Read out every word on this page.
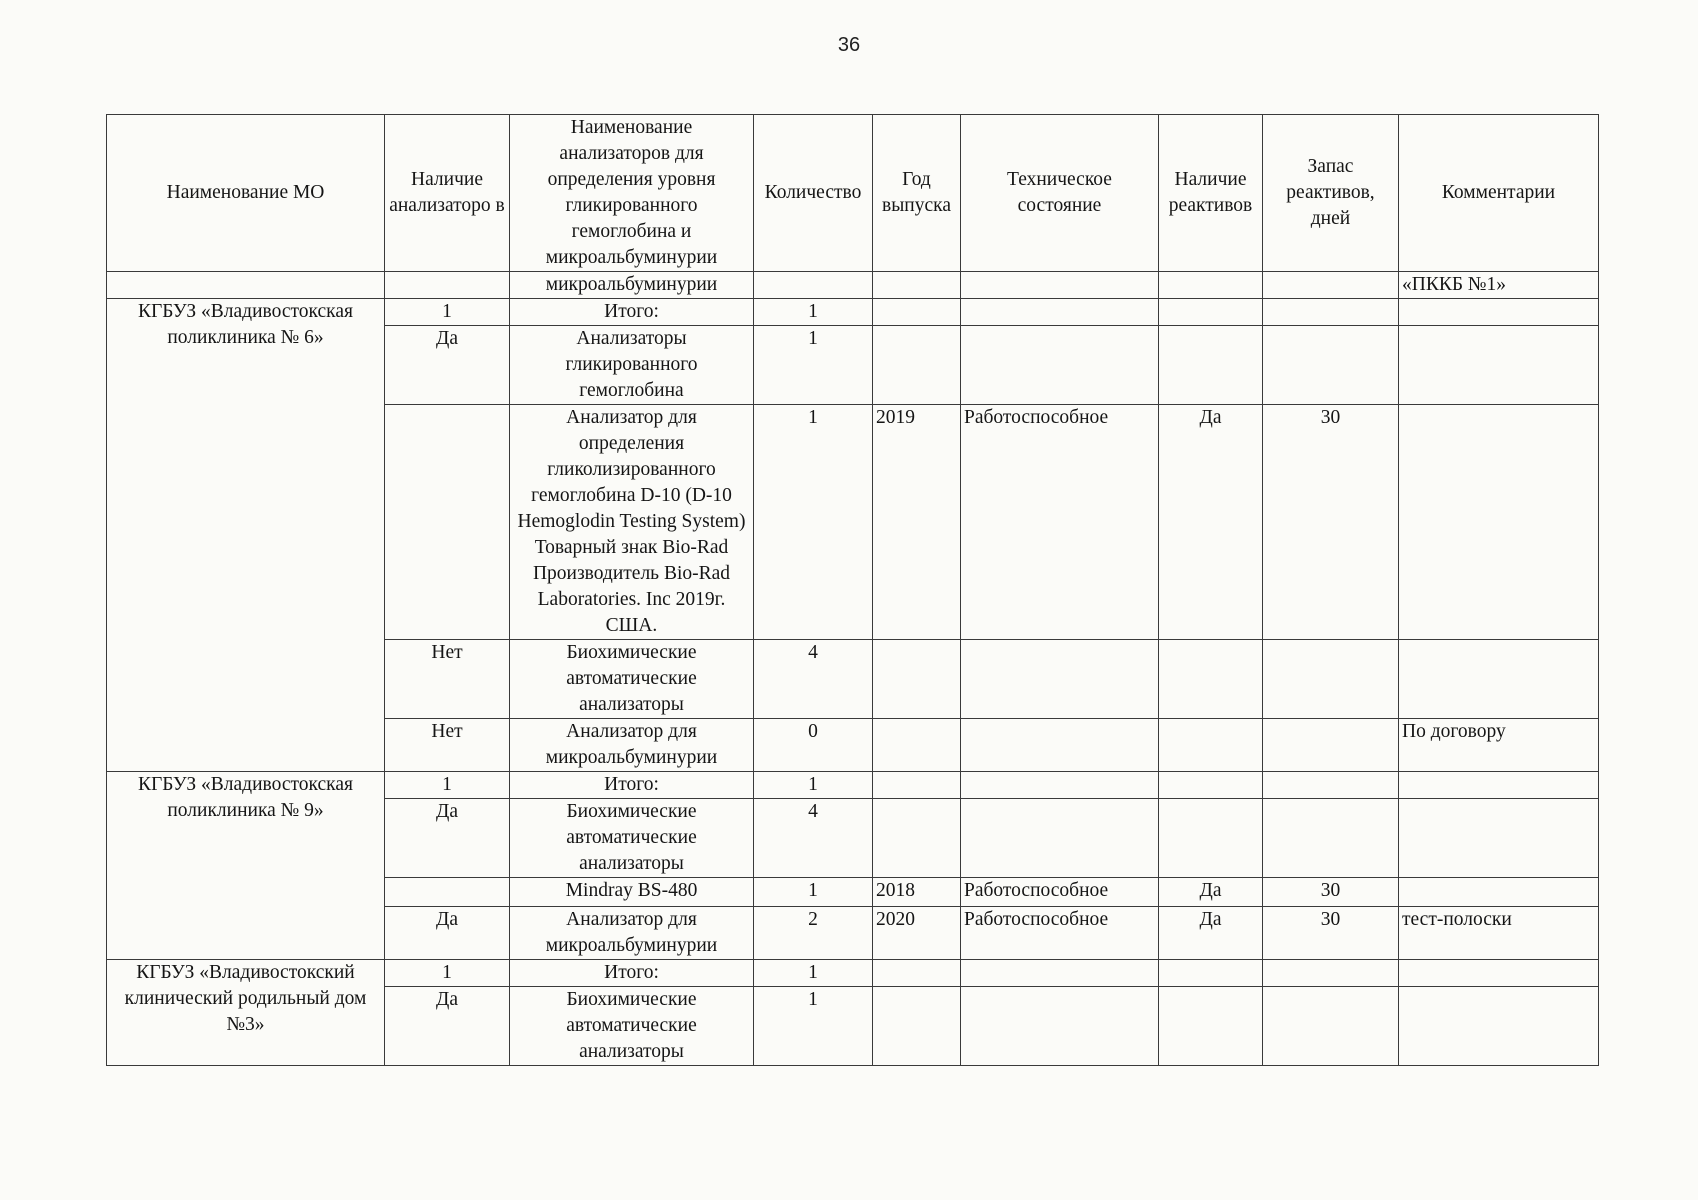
36
Наименование МО	Наличие анализаторо в	Наименование анализаторов для определения уровня гликированного гемоглобина и микроальбуминурии	Количество	Год выпуска	Техническое состояние	Наличие реактивов	Запас реактивов, дней	Комментарии
		микроальбуминурии						«ПККБ №1»
КГБУЗ «Владивостокская поликлиника № 6»	1	Итого:	1					
	Да	Анализаторы гликированного гемоглобина	1					
		Анализатор для определения гликолизированного гемоглобина D-10 (D-10 Hemoglodin Testing System) Товарный знак Bio-Rad Производитель Bio-Rad Laboratories. Inc 2019г. США.	1	2019	Работоспособное	Да	30	
	Нет	Биохимические автоматические анализаторы	4					
	Нет	Анализатор для микроальбуминурии	0					По договору
КГБУЗ «Владивостокская поликлиника № 9»	1	Итого:	1					
	Да	Биохимические автоматические анализаторы	4					
		Mindray BS-480	1	2018	Работоспособное	Да	30	
	Да	Анализатор для микроальбуминурии	2	2020	Работоспособное	Да	30	тест-полоски
КГБУЗ «Владивостокский клинический родильный дом №3»	1	Итого:	1					
	Да	Биохимические автоматические анализаторы	1					
